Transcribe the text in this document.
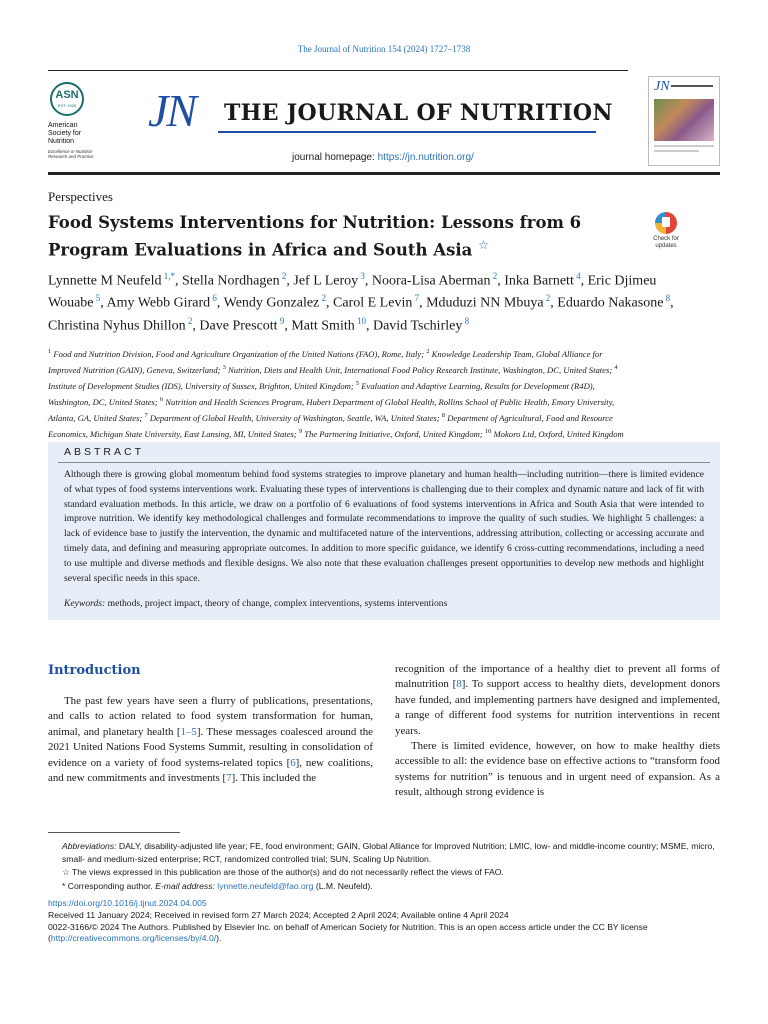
The Journal of Nutrition 154 (2024) 1727–1738
ASN
EST. 1928
American Society for Nutrition
Excellence in Nutrition Research and Practice
JN THE JOURNAL OF NUTRITION
journal homepage: https://jn.nutrition.org/
JN
Perspectives
Food Systems Interventions for Nutrition: Lessons from 6 Program Evaluations in Africa and South Asia ☆	Check for updates
Lynnette M Neufeld $^{1,*}$, Stella Nordhagen $^2$, Jef L Leroy $^3$, Noora-Lisa Aberman $^2$, Inka Barnett $^4$, Eric Djimeu Wouabe $^5$, Amy Webb Girard $^6$, Wendy Gonzalez $^2$, Carol E Levin $^7$, Mduduzi NN Mbuya $^2$, Eduardo Nakasone $^8$, Christina Nyhus Dhillon $^2$, Dave Prescott $^9$, Matt Smith $^{10}$, David Tschirley $^8$
$^1$ Food and Nutrition Division, Food and Agriculture Organization of the United Nations (FAO), Rome, Italy; $^2$ Knowledge Leadership Team, Global Alliance for Improved Nutrition (GAIN), Geneva, Switzerland; $^3$ Nutrition, Diets and Health Unit, International Food Policy Research Institute, Washington, DC, United States; $^4$ Institute of Development Studies (IDS), University of Sussex, Brighton, United Kingdom; $^5$ Evaluation and Adaptive Learning, Results for Development (R4D), Washington, DC, United States; $^6$ Nutrition and Health Sciences Program, Hubert Department of Global Health, Rollins School of Public Health, Emory University, Atlanta, GA, United States; $^7$ Department of Global Health, University of Washington, Seattle, WA, United States; $^8$ Department of Agricultural, Food and Resource Economics, Michigan State University, East Lansing, MI, United States; $^9$ The Partnering Initiative, Oxford, United Kingdom; $^{10}$ Mokoro Ltd, Oxford, United Kingdom
ABSTRACT
Although there is growing global momentum behind food systems strategies to improve planetary and human health—including nutrition—there is limited evidence of what types of food systems interventions work. Evaluating these types of interventions is challenging due to their complex and dynamic nature and lack of fit with standard evaluation methods. In this article, we draw on a portfolio of 6 evaluations of food systems interventions in Africa and South Asia that were intended to improve nutrition. We identify key methodological challenges and formulate recommendations to improve the quality of such studies. We highlight 5 challenges: a lack of evidence base to justify the intervention, the dynamic and multifaceted nature of the interventions, addressing attribution, collecting or accessing accurate and timely data, and defining and measuring appropriate outcomes. In addition to more specific guidance, we identify 6 cross-cutting recommendations, including a need to use multiple and diverse methods and flexible designs. We also note that these evaluation challenges present opportunities to develop new methods and highlight several specific needs in this space.
Keywords: methods, project impact, theory of change, complex interventions, systems interventions
Introduction
The past few years have seen a flurry of publications, presentations, and calls to action related to food system transformation for human, animal, and planetary health [1–5]. These messages coalesced around the 2021 United Nations Food Systems Summit, resulting in consolidation of evidence on a variety of food systems-related topics [6], new coalitions, and new commitments and investments [7]. This included the

recognition of the importance of a healthy diet to prevent all forms of malnutrition [8]. To support access to healthy diets, development donors have funded, and implementing partners have designed and implemented, a range of different food systems for nutrition interventions in recent years.

There is limited evidence, however, on how to make healthy diets accessible to all: the evidence base on effective actions to “transform food systems for nutrition” is tenuous and in urgent need of expansion. As a result, although strong evidence is

Abbreviations: DALY, disability-adjusted life year; FE, food environment; GAIN, Global Alliance for Improved Nutrition; LMIC, low- and middle-income country; MSME, micro, small- and medium-sized enterprise; RCT, randomized controlled trial; SUN, Scaling Up Nutrition.

☆ The views expressed in this publication are those of the author(s) and do not necessarily reflect the views of FAO.

* Corresponding author. E-mail address: lynnette.neufeld@fao.org (L.M. Neufeld).

https://doi.org/10.1016/j.tjnut.2024.04.005

Received 11 January 2024; Received in revised form 27 March 2024; Accepted 2 April 2024; Available online 4 April 2024

0022-3166/© 2024 The Authors. Published by Elsevier Inc. on behalf of American Society for Nutrition. This is an open access article under the CC BY license (http://creativecommons.org/licenses/by/4.0/).
